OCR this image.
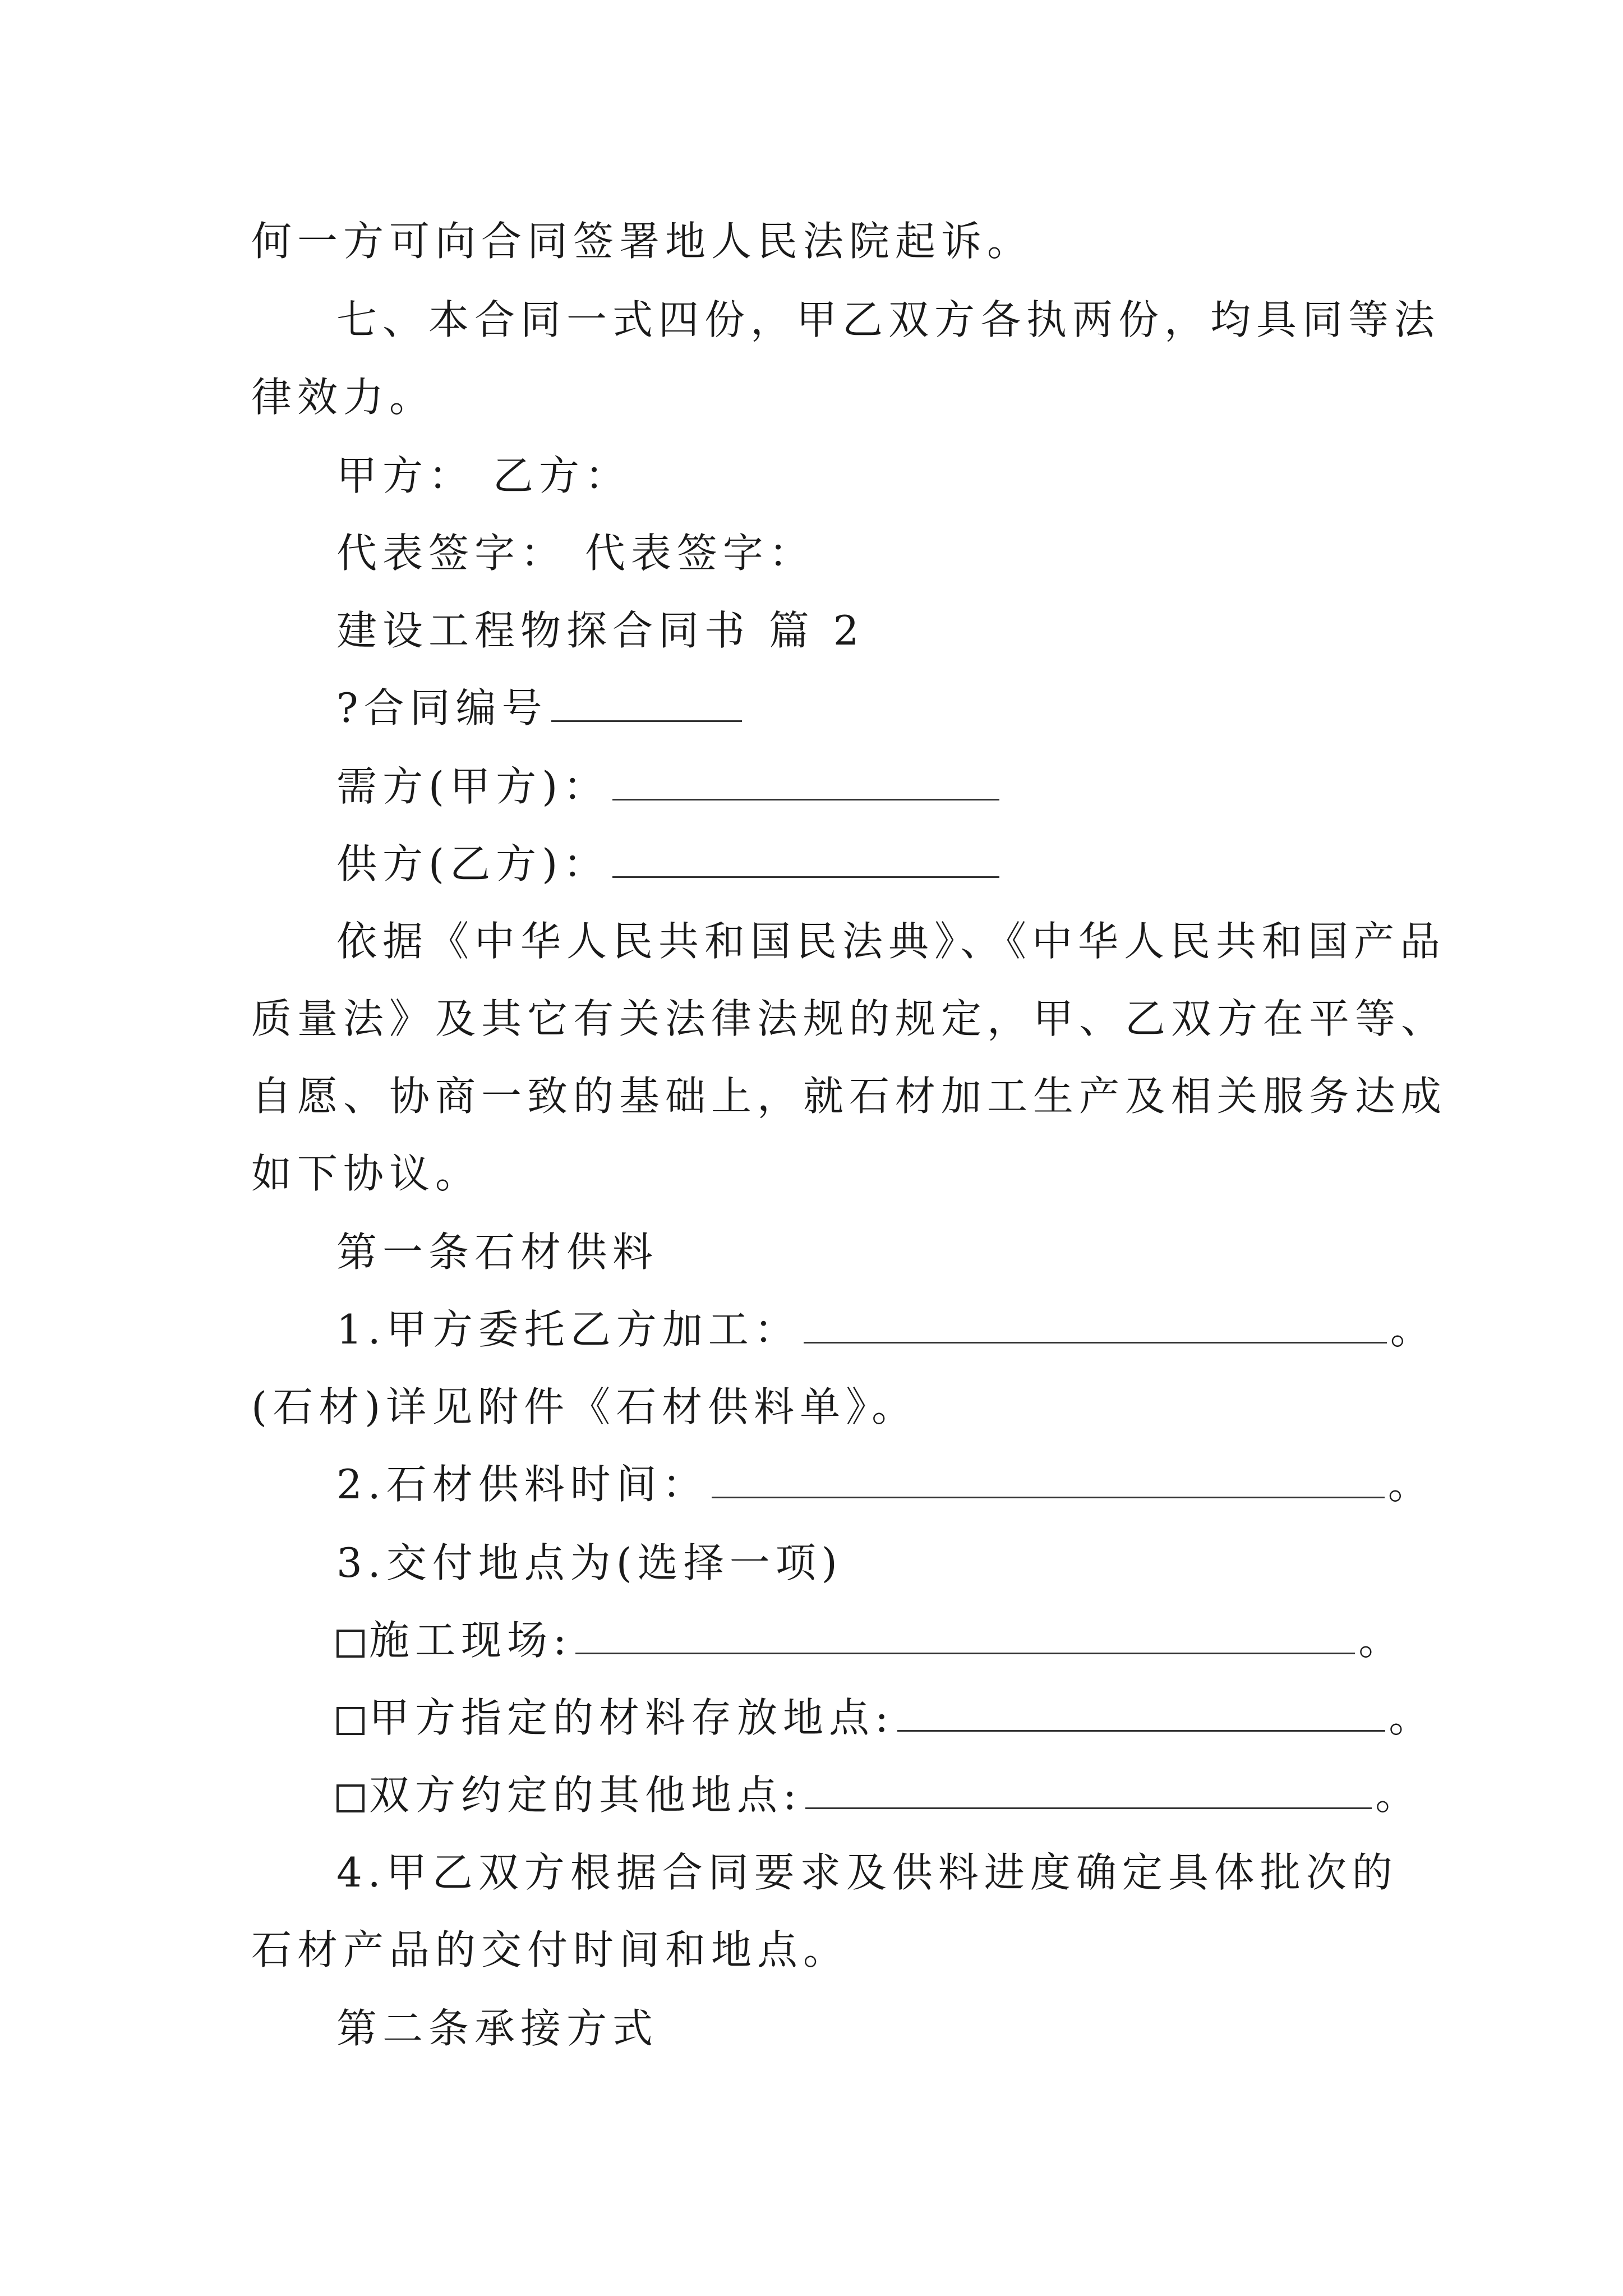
何一方可向合同签署地人民法院起诉。
七、本合同一式四份，甲乙双方各执两份，均具同等法
律效力。
甲方： 乙方：
代表签字： 代表签字：
建设工程物探合同书 篇 2
?合同编号
需方(甲方)：
供方(乙方)：
依据《中华人民共和国民法典》、《中华人民共和国产品
质量法》及其它有关法律法规的规定，甲、乙双方在平等、
自愿、协商一致的基础上，就石材加工生产及相关服务达成
如下协议。
第一条石材供料
1.甲方委托乙方加工：	。
(石材)详见附件《石材供料单》。
2.石材供料时间：	。
3.交付地点为(选择一项)
施工现场:	。
甲方指定的材料存放地点:	。
双方约定的其他地点:	。
4.甲乙双方根据合同要求及供料进度确定具体批次的
石材产品的交付时间和地点。
第二条承接方式
